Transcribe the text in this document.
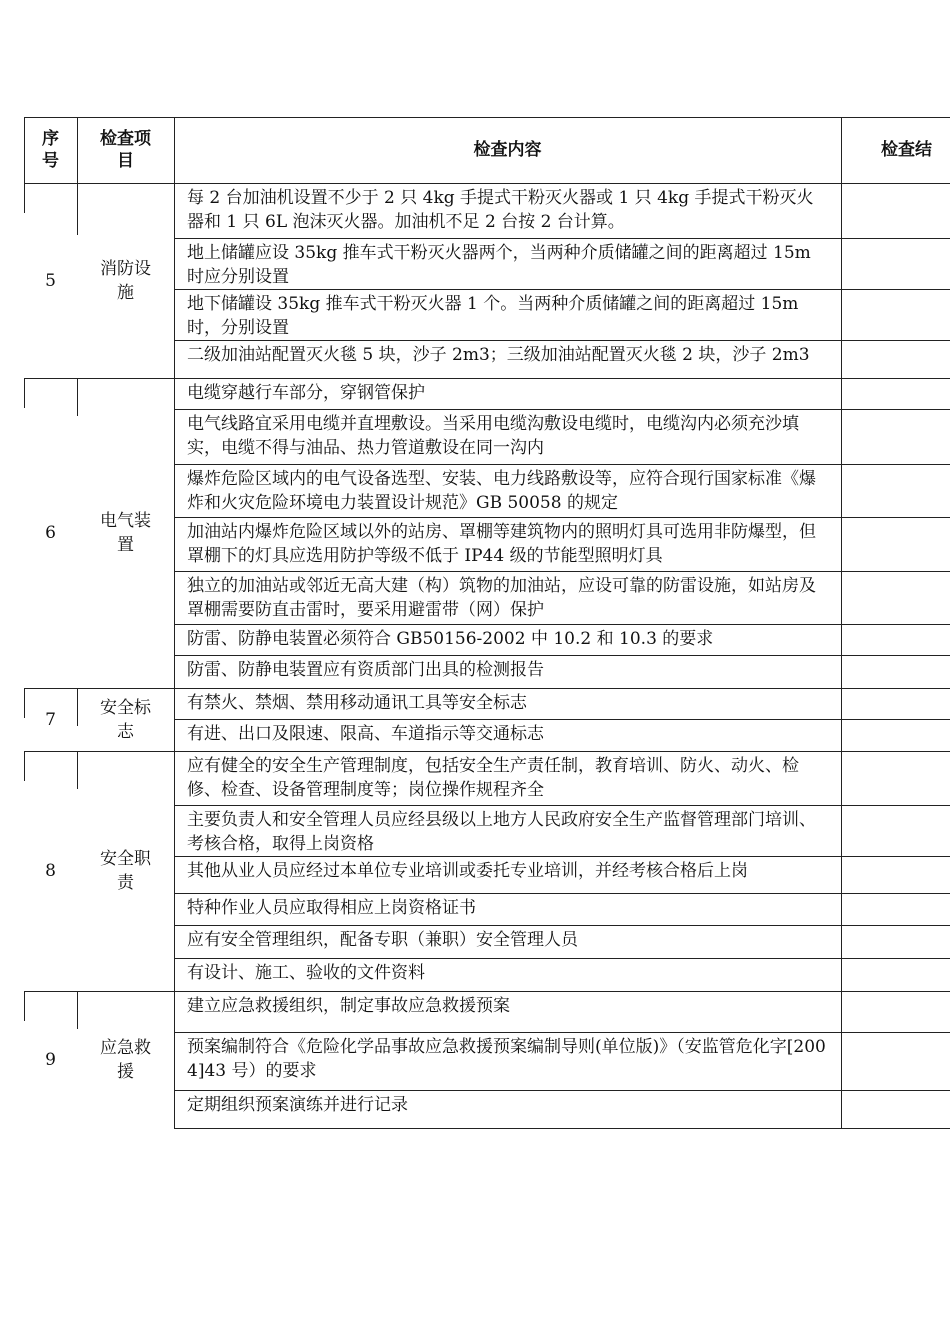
序
号
检查项
目
检查内容	检查结
5
消防设
施
每 2 台加油机设置不少于 2 只 4kg 手提式干粉灭火器或 1 只 4kg 手提式干粉灭火器和 1 只 6L 泡沫灭火器。加油机不足 2 台按 2 台计算。
地上储罐应设 35kg 推车式干粉灭火器两个，当两种介质储罐之间的距离超过 15m 时应分别设置
地下储罐设 35kg 推车式干粉灭火器 1 个。当两种介质储罐之间的距离超过 15m 时，分别设置
二级加油站配置灭火毯 5 块，沙子 2m3；三级加油站配置灭火毯 2 块，沙子 2m3
6
电气装
置
电缆穿越行车部分，穿钢管保护
电气线路宜采用电缆并直埋敷设。当采用电缆沟敷设电缆时，电缆沟内必须充沙填实，电缆不得与油品、热力管道敷设在同一沟内
爆炸危险区域内的电气设备选型、安装、电力线路敷设等，应符合现行国家标准《爆炸和火灾危险环境电力装置设计规范》GB 50058 的规定
加油站内爆炸危险区域以外的站房、罩棚等建筑物内的照明灯具可选用非防爆型，但罩棚下的灯具应选用防护等级不低于 IP44 级的节能型照明灯具
独立的加油站或邻近无高大建（构）筑物的加油站，应设可靠的防雷设施，如站房及罩棚需要防直击雷时，要采用避雷带（网）保护
防雷、防静电装置必须符合 GB50156-2002 中 10.2 和 10.3 的要求
防雷、防静电装置应有资质部门出具的检测报告
7
安全标
志
有禁火、禁烟、禁用移动通讯工具等安全标志
有进、出口及限速、限高、车道指示等交通标志
8
安全职
责
应有健全的安全生产管理制度，包括安全生产责任制，教育培训、防火、动火、检修、检查、设备管理制度等；岗位操作规程齐全
主要负责人和安全管理人员应经县级以上地方人民政府安全生产监督管理部门培训、考核合格，取得上岗资格
其他从业人员应经过本单位专业培训或委托专业培训，并经考核合格后上岗
特种作业人员应取得相应上岗资格证书
应有安全管理组织，配备专职（兼职）安全管理人员
有设计、施工、验收的文件资料
9
应急救
援
建立应急救援组织，制定事故应急救援预案
预案编制符合《危险化学品事故应急救援预案编制导则(单位版)》（安监管危化字[2004]43 号）的要求
定期组织预案演练并进行记录
